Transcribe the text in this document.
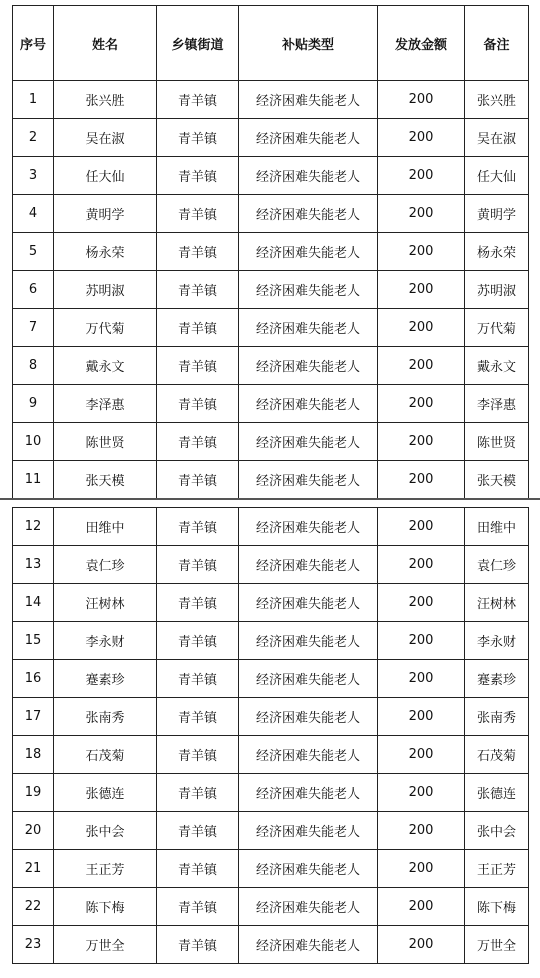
序号	姓名	乡镇街道	补贴类型	发放金额	备注
1	张兴胜	青羊镇	经济困难失能老人	200	张兴胜
2	吴在淑	青羊镇	经济困难失能老人	200	吴在淑
3	任大仙	青羊镇	经济困难失能老人	200	任大仙
4	黄明学	青羊镇	经济困难失能老人	200	黄明学
5	杨永荣	青羊镇	经济困难失能老人	200	杨永荣
6	苏明淑	青羊镇	经济困难失能老人	200	苏明淑
7	万代菊	青羊镇	经济困难失能老人	200	万代菊
8	戴永文	青羊镇	经济困难失能老人	200	戴永文
9	李泽惠	青羊镇	经济困难失能老人	200	李泽惠
10	陈世贤	青羊镇	经济困难失能老人	200	陈世贤
11	张天模	青羊镇	经济困难失能老人	200	张天模
12	田维中	青羊镇	经济困难失能老人	200	田维中
13	袁仁珍	青羊镇	经济困难失能老人	200	袁仁珍
14	汪树林	青羊镇	经济困难失能老人	200	汪树林
15	李永财	青羊镇	经济困难失能老人	200	李永财
16	蹇素珍	青羊镇	经济困难失能老人	200	蹇素珍
17	张南秀	青羊镇	经济困难失能老人	200	张南秀
18	石茂菊	青羊镇	经济困难失能老人	200	石茂菊
19	张德连	青羊镇	经济困难失能老人	200	张德连
20	张中会	青羊镇	经济困难失能老人	200	张中会
21	王正芳	青羊镇	经济困难失能老人	200	王正芳
22	陈下梅	青羊镇	经济困难失能老人	200	陈下梅
23	万世全	青羊镇	经济困难失能老人	200	万世全
